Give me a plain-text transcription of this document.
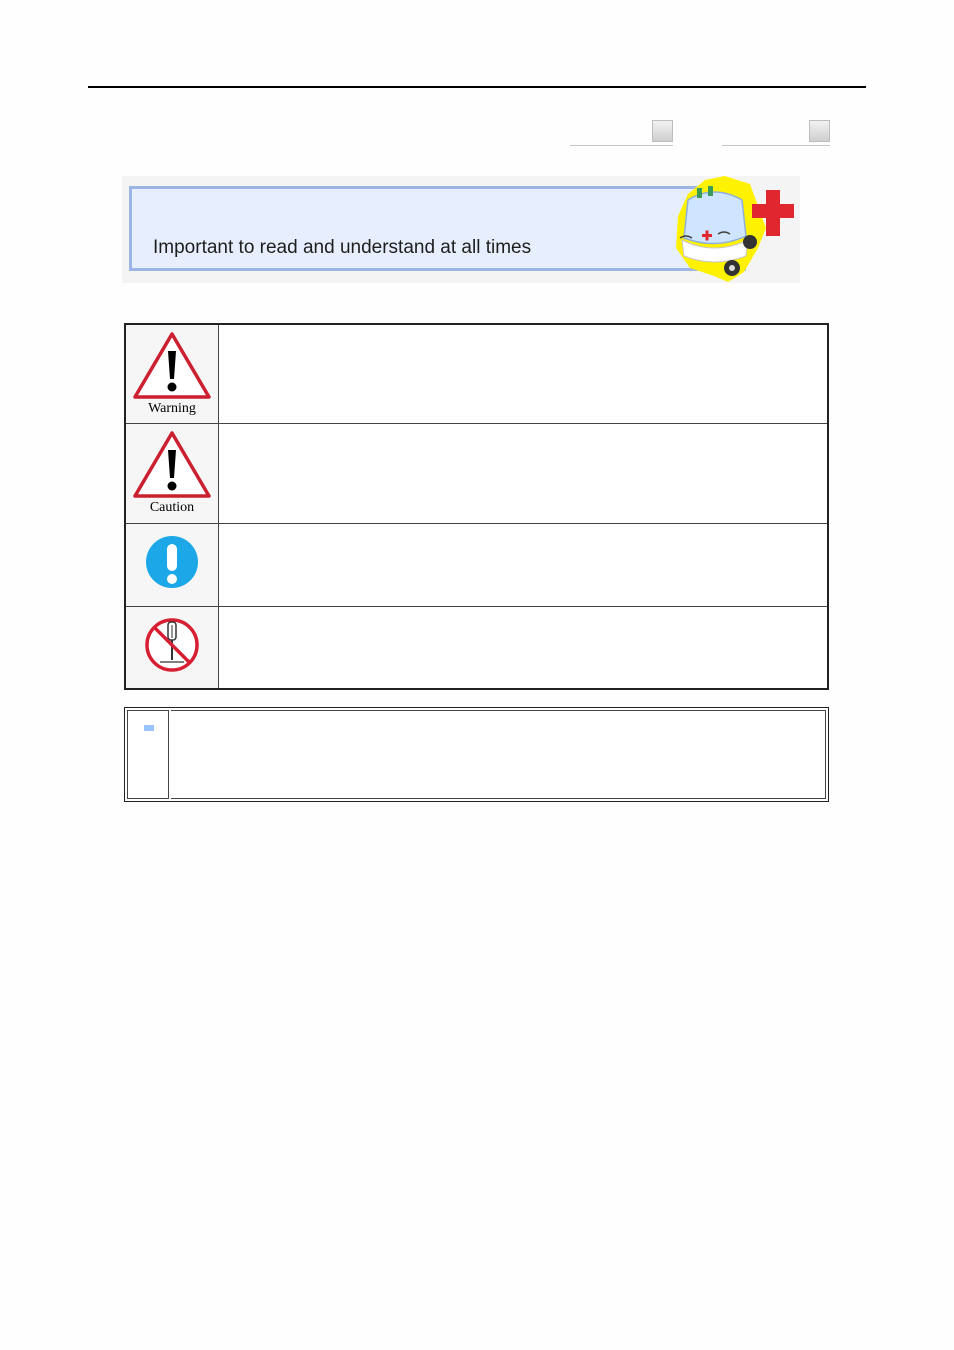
Important to read and understand at all times
Warning	

Caution	
